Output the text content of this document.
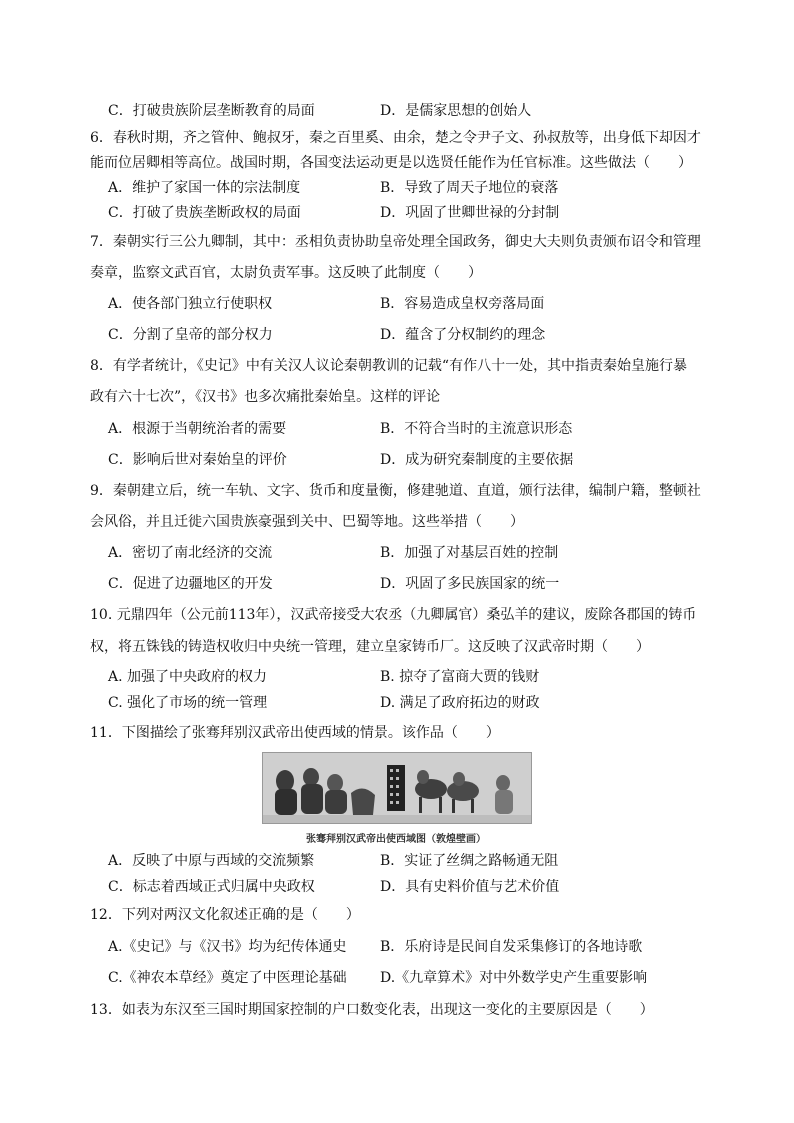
C．打破贵族阶层垄断教育的局面	D．是儒家思想的创始人
6．春秋时期，齐之管仲、鲍叔牙，秦之百里奚、由余，楚之令尹子文、孙叔敖等，出身低下却因才
能而位居卿相等高位。战国时期，各国变法运动更是以选贤任能作为任官标准。这些做法（　　）
A．维护了家国一体的宗法制度	B．导致了周天子地位的衰落
C．打破了贵族垄断政权的局面	D．巩固了世卿世禄的分封制
7．秦朝实行三公九卿制，其中：丞相负责协助皇帝处理全国政务，御史大夫则负责颁布诏令和管理
奏章，监察文武百官，太尉负责军事。这反映了此制度（　　）
A．使各部门独立行使职权	B．容易造成皇权旁落局面
C．分割了皇帝的部分权力	D．蕴含了分权制约的理念
8．有学者统计，《史记》中有关汉人议论秦朝教训的记载“有作八十一处，其中指责秦始皇施行暴
政有六十七次”，《汉书》也多次痛批秦始皇。这样的评论
A．根源于当朝统治者的需要	B．不符合当时的主流意识形态
C．影响后世对秦始皇的评价	D．成为研究秦制度的主要依据
9．秦朝建立后，统一车轨、文字、货币和度量衡，修建驰道、直道，颁行法律，编制户籍，整顿社
会风俗，并且迁徙六国贵族豪强到关中、巴蜀等地。这些举措（　　）
A．密切了南北经济的交流	B．加强了对基层百姓的控制
C．促进了边疆地区的开发	D．巩固了多民族国家的统一
10. 元鼎四年（公元前113年），汉武帝接受大农丞（九卿属官）桑弘羊的建议，废除各郡国的铸币
权，将五铢钱的铸造权收归中央统一管理，建立皇家铸币厂。这反映了汉武帝时期（　　）
A. 加强了中央政府的权力	B. 掠夺了富商大贾的钱财
C. 强化了市场的统一管理	D. 满足了政府拓边的财政
11．下图描绘了张骞拜别汉武帝出使西域的情景。该作品（　　）
张骞拜别汉武帝出使西域图（敦煌壁画）
A．反映了中原与西域的交流频繁	B．实证了丝绸之路畅通无阻
C．标志着西域正式归属中央政权	D．具有史料价值与艺术价值
12．下列对两汉文化叙述正确的是（　　）
A.《史记》与《汉书》均为纪传体通史 B．乐府诗是民间自发采集修订的各地诗歌
C.《神农本草经》奠定了中医理论基础 D.《九章算术》对中外数学史产生重要影响
13．如表为东汉至三国时期国家控制的户口数变化表，出现这一变化的主要原因是（　　）
